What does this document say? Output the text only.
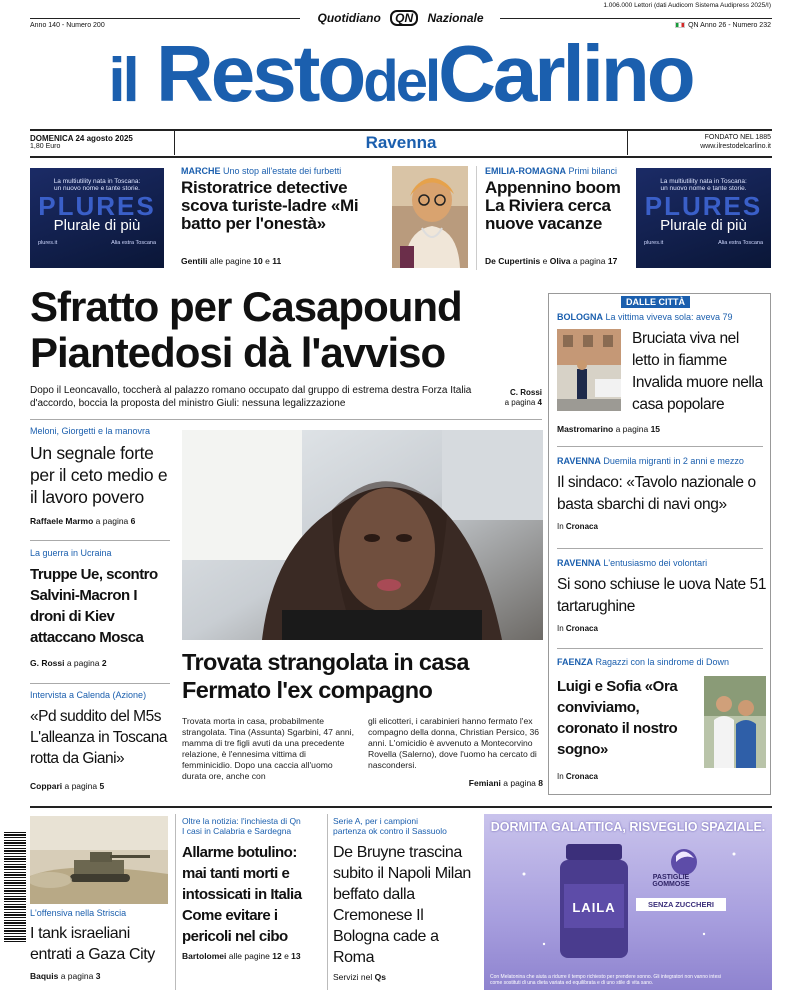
1.006.000 Lettori (dati Audicom Sistema Audipress 2025/I)
Quotidiano QN Nazionale
Anno 140 - Numero 200	QN Anno 26 - Numero 232
il RestodelCarlino
DOMENICA 24 agosto 2025
1,80 Euro	Ravenna	FONDATO NEL 1885
www.ilrestodelcarlino.it
La multiutility nata in Toscana:
un nuovo nome e tante storie.
PLURES
Plurale di più
plures.it	Alia estra Toscana
MARCHE Uno stop all'estate dei furbetti
Ristoratrice detective scova turiste-ladre «Mi batto per l'onestà»
Gentili alle pagine 10 e 11
EMILIA-ROMAGNA Primi bilanci
Appennino boom La Riviera cerca nuove vacanze
De Cupertinis e Oliva a pagina 17
La multiutility nata in Toscana:
un nuovo nome e tante storie.
PLURES
Plurale di più
plures.it	Alia estra Toscana
Sfratto per Casapound
Piantedosi dà l'avviso
Dopo il Leoncavallo, toccherà al palazzo romano occupato dal gruppo di estrema destra Forza Italia d'accordo, boccia la proposta del ministro Giuli: nessuna legalizzazione
C. Rossi
a pagina 4
Meloni, Giorgetti e la manovra
Un segnale forte per il ceto medio e il lavoro povero
Raffaele Marmo a pagina 6
La guerra in Ucraina
Truppe Ue, scontro Salvini-Macron I droni di Kiev attaccano Mosca
G. Rossi a pagina 2
Intervista a Calenda (Azione)
«Pd suddito del M5s L'alleanza in Toscana rotta da Giani»
Coppari a pagina 5
Trovata strangolata in casa Fermato l'ex compagno
Trovata morta in casa, probabilmente strangolata. Tina (Assunta) Sgarbini, 47 anni, mamma di tre figli avuti da una precedente relazione, è l'ennesima vittima di femminicidio. Dopo una caccia all'uomo durata ore, anche con
gli elicotteri, i carabinieri hanno fermato l'ex compagno della donna, Christian Persico, 36 anni. L'omicidio è avvenuto a Montecorvino Rovella (Salerno), dove l'uomo ha cercato di nascondersi.
Femiani a pagina 8
DALLE CITTÀ
BOLOGNA La vittima viveva sola: aveva 79
Bruciata viva nel letto in fiamme Invalida muore nella casa popolare
Mastromarino a pagina 15
RAVENNA Duemila migranti in 2 anni e mezzo
Il sindaco: «Tavolo nazionale o basta sbarchi di navi ong»
In Cronaca
RAVENNA L'entusiasmo dei volontari
Si sono schiuse le uova Nate 51 tartarughine
In Cronaca
FAENZA Ragazzi con la sindrome di Down
Luigi e Sofia «Ora conviviamo, coronato il nostro sogno»
In Cronaca
L'offensiva nella Striscia
I tank israeliani entrati a Gaza City
Baquis a pagina 3
Oltre la notizia: l'inchiesta di Qn
I casi in Calabria e Sardegna
Allarme botulino: mai tanti morti e intossicati in Italia Come evitare i pericoli nel cibo
Bartolomei alle pagine 12 e 13
Serie A, per i campioni
partenza ok contro il Sassuolo
De Bruyne trascina subito il Napoli Milan beffato dalla Cremonese Il Bologna cade a Roma
Servizi nel Qs
DORMITA GALATTICA, RISVEGLIO SPAZIALE.
LAILA
PASTIGLIE GOMMOSE
SENZA ZUCCHERI
Con Melatonina che aiuta a ridurre il tempo richiesto per prendere sonno. Gli integratori non vanno intesi come sostituti di una dieta variata ed equilibrata e di uno stile di vita sano.
